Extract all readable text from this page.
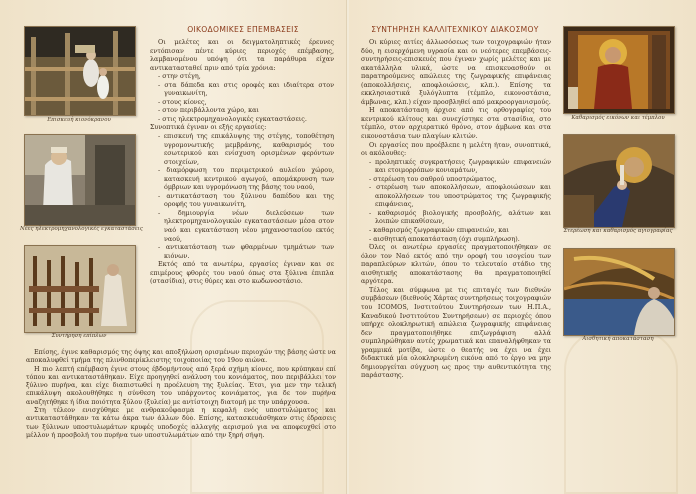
Επισκευή κιονόκρανου
Νέες ηλεκτρομηχανολογικές εγκαταστάσεις
Συντήρηση επίπλων
ΟΙΚΟΔΟΜΙΚΕΣ ΕΠΕΜΒΑΣΕΙΣ

Οι μελέτες και οι δειγματοληπτικές έρευνες εντόπισαν πέντε κύριες περιοχές επέμβασης, λαμβανομένου υπόψη ότι τα παράθυρα είχαν αντικατασταθεί πριν από τρία χρόνια:

- στην στέγη,
- στα δάπεδα και στις οροφές και ιδιαίτερα στον γυναικωνίτη,
- στους κίονες,
- στον περιβάλλοντα χώρο, και
- στις ηλεκτρομηχανολογικές εγκαταστάσεις.

Συνοπτικά έγιναν οι εξής εργασίες:

- επισκευή της επικάλυψης της στέγης, τοποθέτηση υγρομονωτικής μεμβράνης, καθαρισμός του εσωτερικού και ενίσχυση ορισμένων φερόντων στοιχείων,
- διαμόρφωση του περιμετρικού αυλείου χώρου, κατασκευή κεντρικού αγωγού, απομάκρυνση των όμβριων και υγρομόνωση της βάσης του ναού,
- αντικατάσταση του ξύλινου δαπέδου και της οροφής του γυναικωνίτη,
- δημιουργία νέων διελεύσεων των ηλεκτρομηχανολογικών εγκαταστάσεων μέσα στον ναό και εγκατάσταση νέου μηχανοστασίου εκτός ναού,
- αντικατάσταση των φθαρμένων τμημάτων των κιόνων.

Εκτός από τα ανωτέρω, εργασίες έγιναν και σε επιμέρους φθορές του ναού όπως στα ξύλινα έπιπλα (στασίδια), στις θύρες και στο κωδωνοστάσιο.

Επίσης, έγινε καθαρισμός της όψης και αποξήλωση ορισμένων περιοχών της βάσης ώστε να αποκαλυφθεί τμήμα της πλινθοπερίκλειστης τοιχοποιίας του 19ου αιώνα.

Η πιο λεπτή επέμβαση έγινε στους έβδομήντους από ξερά σχήμη κίονες, που κρύπηκαν επί τόπου και αντικαταστάθηκαν. Είχε προηγηθεί ανάλυση του κονιάματος, που περιβάλλει τον ξύλινο πυρήνα, και είχε διαπιστωθεί η προέλευση της ξυλείας. Έτσι, για μεν την τελική επικάλυψη ακολουθήθηκε η σύνθεση του υπάρχοντος κονιάματος, για δε τον πυρήνα αναζητήθηκε ή ίδια ποιότητα ξύλου (ξυλεία) με αντίστοιχη διατομή με την υπάρχουσα.

Στη τέλεον ενισχύθηκε με ανθρακοΰφασμα η κεφαλή ενός υποστυλώματος και αντικαταστάθηκαν τα κάτω άκρα των άλλων δύο. Επίσης, κατασκευάσθηκαν στις έδρασεις των ξύλινων υποστυλωμάτων κρυφές υποδοχές αλλαγής αερισμού για να αποφευχθεί στο μέλλον ή προσβολή του πυρήνα των υποστυλωμάτων από την ξηρή σήψη.

ΣΥΝΤΗΡΗΣΗ ΚΑΛΛΙΤΕΧΝΙΚΟΥ ΔΙΑΚΟΣΜΟΥ

Οι κύριες αιτίες άλλωσόσεως των τοιχογραφιών ήταν δύο, η εισερχόμενη υγρασία και οι νεότερες επεμβάσεις-συντηρήσεις-επισκευές που έγιναν χωρίς μελέτες και με ακατάλληλα υλικά, ώστε να επισκευασθούν οι παρατηρούμενες απώλειες της ζωγραφικής επιφάνειας (αποκολλήσεις, αποφλοιώσεις, κλπ.). Επίσης τα εκκλησιαστικά ξυλόγλυπτα (τέμπλο, εικονοστάσια, άμβωνας, κλπ.) είχαν προσβληθεί από μακροοργανισμούς.

Η αποκατάσταση άρχισε από τις ορθογραφίες του κεντρικού κλίτους και συνεχίστηκε στα στασίδια, στο τέμπλο, στον αρχιερατικό θρόνο, στον άμβωνα και στα εικονοστάσια των πλαγίων κλιτών.

Οι εργασίες που προέβλεπε η μελέτη ήταν, συνοπτικά, οι ακόλουθες:

- προληπτικές συγκρατήσεις ζωγραφικών επιφανειών και ετοιμορρόπων κονιαμάτων,
- στερέωση του σαθρού υποστρώματος,
- στερέωση των αποκολλήσεων, αποφλοιώσεων και αποκολλήσεων του υποστρώματος της ζωγραφικής επιφάνειας,
- καθαρισμός βιολογικής προσβολής, αλάτων και λοιπών επικαθίσεων,
- καθαρισμός ζωγραφικών επιφανειών, και
- αισθητική αποκατάσταση (όχι συμπλήρωση).

Όλες οι ανωτέρω εργασίες πραγματοποιήθηκαν σε όλον τον Ναό εκτός από την οροφή του ισογείου των παραπλεύρων κλιτών, όπου το τελευταίο στάδιο της αισθητικής αποκατάστασης θα πραγματοποιηθεί αργότερα.

Τέλος και σύμφωνα με τις επιταγές των διεθνών συμβάσεων (διεθνούς Χάρτας συντηρήσεως τοιχογραφιών του ICOMOS, Ινστιτούτου Συντηρήσεων των Η.Π.Α., Καναδικού Ινστιτούτου Συντηρήσεων) σε περιοχές όπου υπήρχε ολοκληρωτική απώλεια ζωγραφικής επιφάνειας δεν πραγματοποιήθηκε επιζωγράφιση αλλά συμπληρώθηκαν αυτές χρωματικά και επαναλήφθηκαν τα γραμμικά μοτίβα, ώστε ο θεατής να έχει να έχει διδακτικά μία ολοκληρωμένη εικόνα από το έργο να μην δημιουργείται σύγχυση ως προς την αυθεντικότητα της παράστασης.

Καθαρισμός εικόνων και τέμπλου
Στερέωση και καθαρισμός αγιογραφίας
Αισθητική αποκατάσταση
